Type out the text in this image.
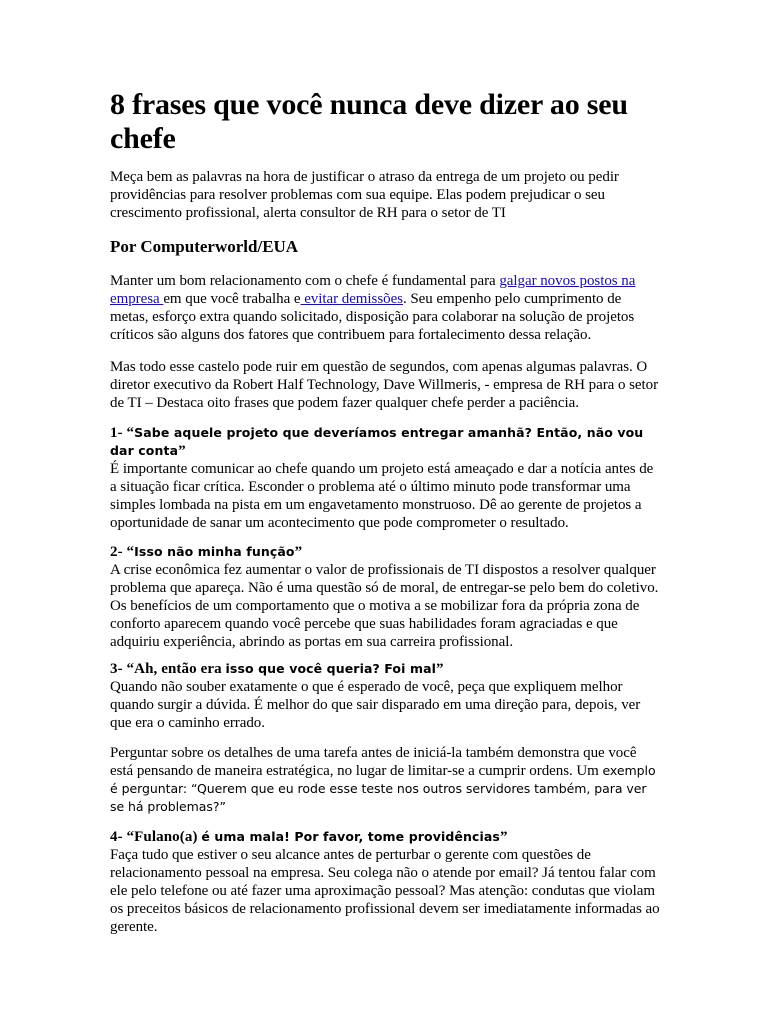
8 frases que você nunca deve dizer ao seu chefe

Meça bem as palavras na hora de justificar o atraso da entrega de um projeto ou pedir providências para resolver problemas com sua equipe. Elas podem prejudicar o seu crescimento profissional, alerta consultor de RH para o setor de TI

Por Computerworld/EUA

Manter um bom relacionamento com o chefe é fundamental para galgar novos postos na empresa em que você trabalha e evitar demissões. Seu empenho pelo cumprimento de metas, esforço extra quando solicitado, disposição para colaborar na solução de projetos críticos são alguns dos fatores que contribuem para fortalecimento dessa relação.

Mas todo esse castelo pode ruir em questão de segundos, com apenas algumas palavras. O diretor executivo da Robert Half Technology, Dave Willmeris, - empresa de RH para o setor de TI – Destaca oito frases que podem fazer qualquer chefe perder a paciência.

1- “Sabe aquele projeto que deveríamos entregar amanhã? Então, não vou dar conta”
É importante comunicar ao chefe quando um projeto está ameaçado e dar a notícia antes de a situação ficar crítica. Esconder o problema até o último minuto pode transformar uma simples lombada na pista em um engavetamento monstruoso. Dê ao gerente de projetos a oportunidade de sanar um acontecimento que pode comprometer o resultado.

2- “Isso não minha função”
A crise econômica fez aumentar o valor de profissionais de TI dispostos a resolver qualquer problema que apareça. Não é uma questão só de moral, de entregar-se pelo bem do coletivo. Os benefícios de um comportamento que o motiva a se mobilizar fora da própria zona de conforto aparecem quando você percebe que suas habilidades foram agraciadas e que adquiriu experiência, abrindo as portas em sua carreira profissional.

3- “Ah, então era isso que você queria? Foi mal”
Quando não souber exatamente o que é esperado de você, peça que expliquem melhor quando surgir a dúvida. É melhor do que sair disparado em uma direção para, depois, ver que era o caminho errado.

Perguntar sobre os detalhes de uma tarefa antes de iniciá-la também demonstra que você está pensando de maneira estratégica, no lugar de limitar-se a cumprir ordens. Um exemplo é perguntar: “Querem que eu rode esse teste nos outros servidores também, para ver se há problemas?”

4- “Fulano(a) é uma mala! Por favor, tome providências”
Faça tudo que estiver o seu alcance antes de perturbar o gerente com questões de relacionamento pessoal na empresa. Seu colega não o atende por email? Já tentou falar com ele pelo telefone ou até fazer uma aproximação pessoal? Mas atenção: condutas que violam os preceitos básicos de relacionamento profissional devem ser imediatamente informadas ao gerente.
